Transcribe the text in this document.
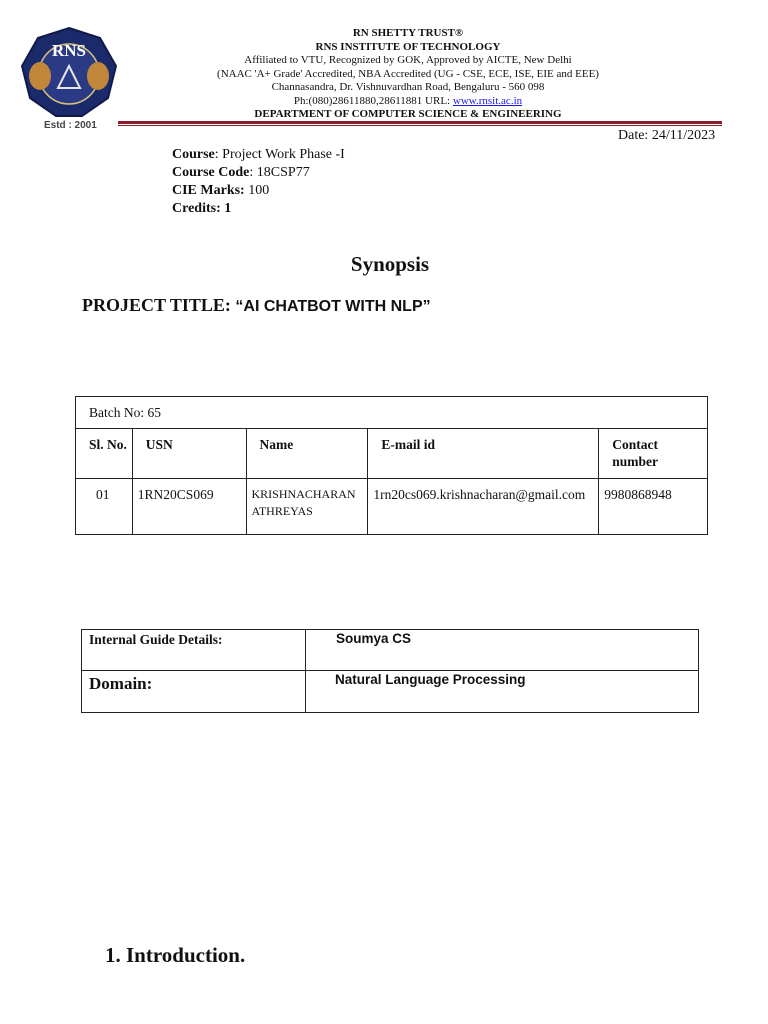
RNS
Estd : 2001
RN SHETTY TRUST®
RNS INSTITUTE OF TECHNOLOGY
Affiliated to VTU, Recognized by GOK, Approved by AICTE, New Delhi
(NAAC 'A+ Grade' Accredited, NBA Accredited (UG - CSE, ECE, ISE, EIE and EEE)
Channasandra, Dr. Vishnuvardhan Road, Bengaluru - 560 098
Ph:(080)28611880,28611881 URL: www.rnsit.ac.in
DEPARTMENT OF COMPUTER SCIENCE & ENGINEERING
Date: 24/11/2023
Course: Project Work Phase -I
Course Code: 18CSP77
CIE Marks: 100
Credits: 1
Synopsis
PROJECT TITLE: “AI CHATBOT WITH NLP”
Batch No: 65				
Sl. No.	USN	Name	E-mail id	Contact number
01	1RN20CS069	KRISHNACHARAN ATHREYAS	1rn20cs069.krishnacharan@gmail.com	9980868948
Internal Guide Details:	Soumya CS
Domain:	Natural Language Processing
1. Introduction.
